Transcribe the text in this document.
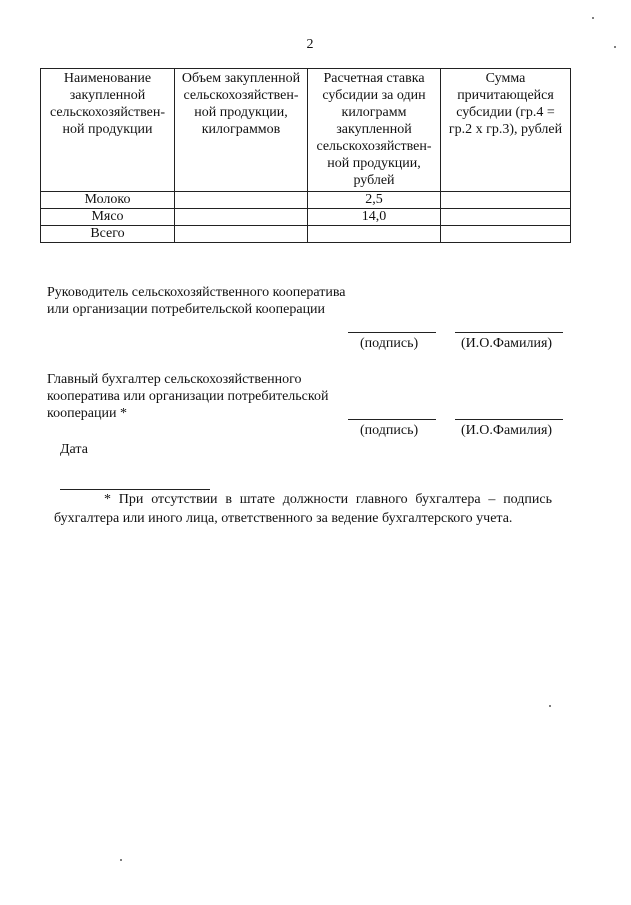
2
Наименование закупленной сельскохозяйствен-ной продукции	Объем закупленной сельскохозяйствен-ной продукции, килограммов	Расчетная ставка субсидии за один килограмм закупленной сельскохозяйствен-ной продукции, рублей	Сумма причитающейся субсидии (гр.4 = гр.2 х гр.3), рублей
Молоко		2,5	
Мясо		14,0	
Всего			
Руководитель сельскохозяйственного кооператива или организации потребительской кооперации
(подпись)	(И.О.Фамилия)
Главный бухгалтер сельскохозяйственного кооператива или организации потребительской кооперации *
(подпись)	(И.О.Фамилия)
Дата
* При отсутствии в штате должности главного бухгалтера – подпись бухгалтера или иного лица, ответственного за ведение бухгалтерского учета.
